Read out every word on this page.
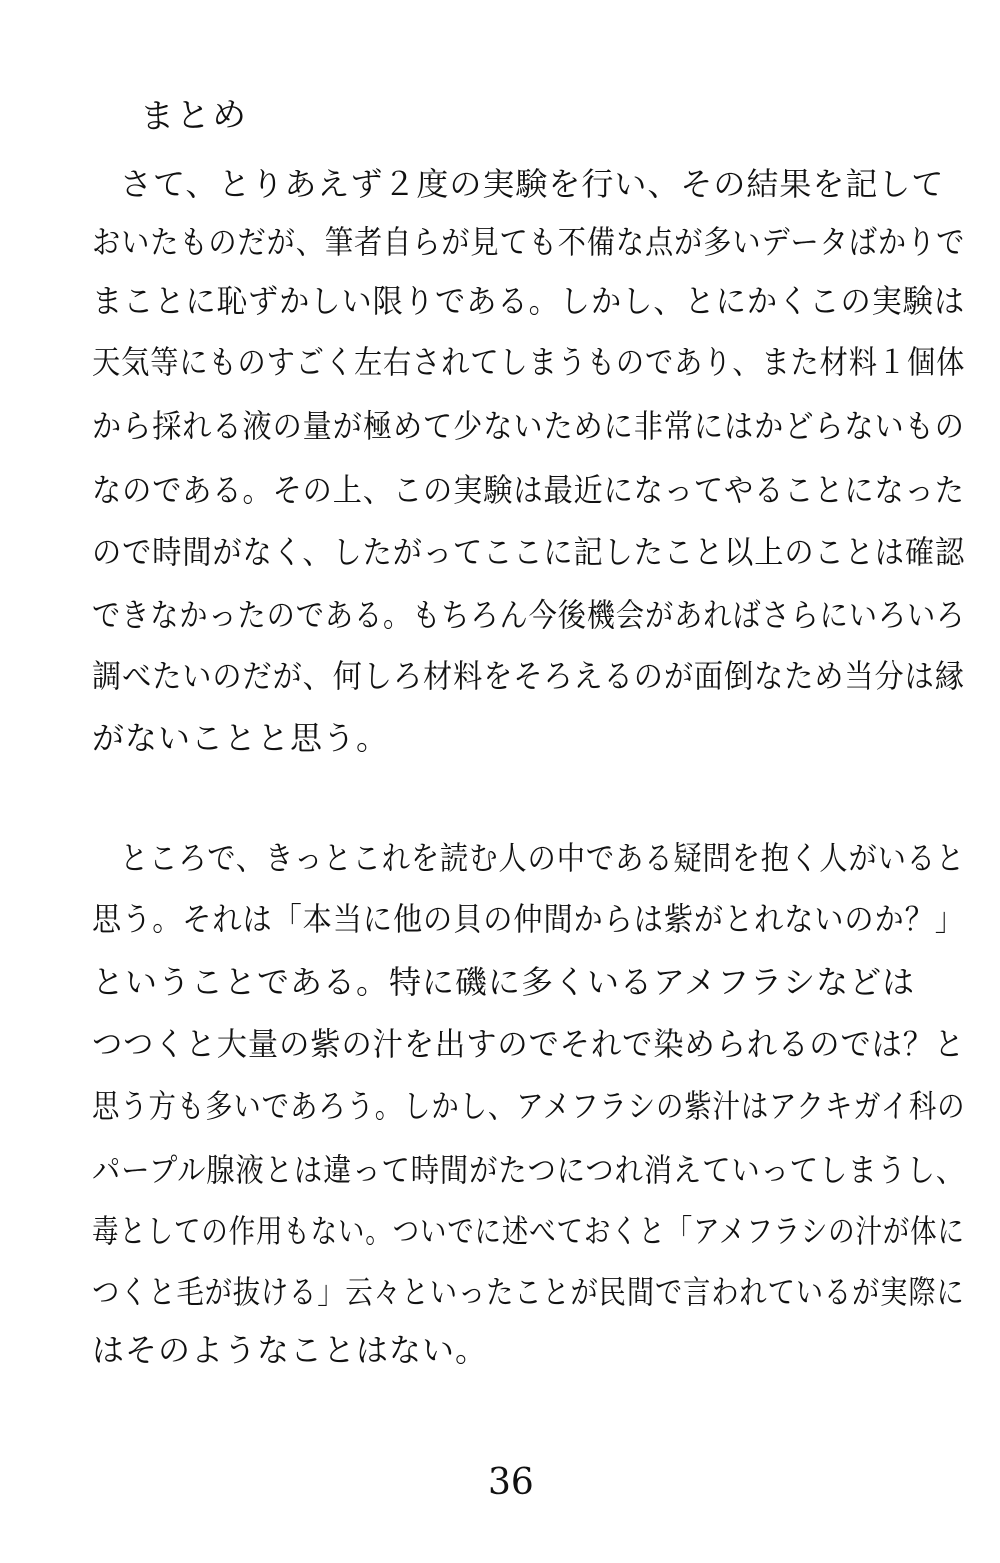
まとめ
さて、とりあえず２度の実験を行い、その結果を記して
おいたものだが、筆者自らが見ても不備な点が多いデータばかりで
まことに恥ずかしい限りである。しかし、とにかくこの実験は
天気等にものすごく左右されてしまうものであり、また材料１個体
から採れる液の量が極めて少ないために非常にはかどらないもの
なのである。その上、この実験は最近になってやることになった
ので時間がなく、したがってここに記したこと以上のことは確認
できなかったのである。もちろん今後機会があればさらにいろいろ
調べたいのだが、何しろ材料をそろえるのが面倒なため当分は縁
がないことと思う。
ところで、きっとこれを読む人の中である疑問を抱く人がいると
思う。それは「本当に他の貝の仲間からは紫がとれないのか？」
ということである。特に磯に多くいるアメフラシなどは
つつくと大量の紫の汁を出すのでそれで染められるのでは？と
思う方も多いであろう。しかし、アメフラシの紫汁はアクキガイ科の
パープル腺液とは違って時間がたつにつれ消えていってしまうし、
毒としての作用もない。ついでに述べておくと「アメフラシの汁が体に
つくと毛が抜ける」云々といったことが民間で言われているが実際に
はそのようなことはない。
36
